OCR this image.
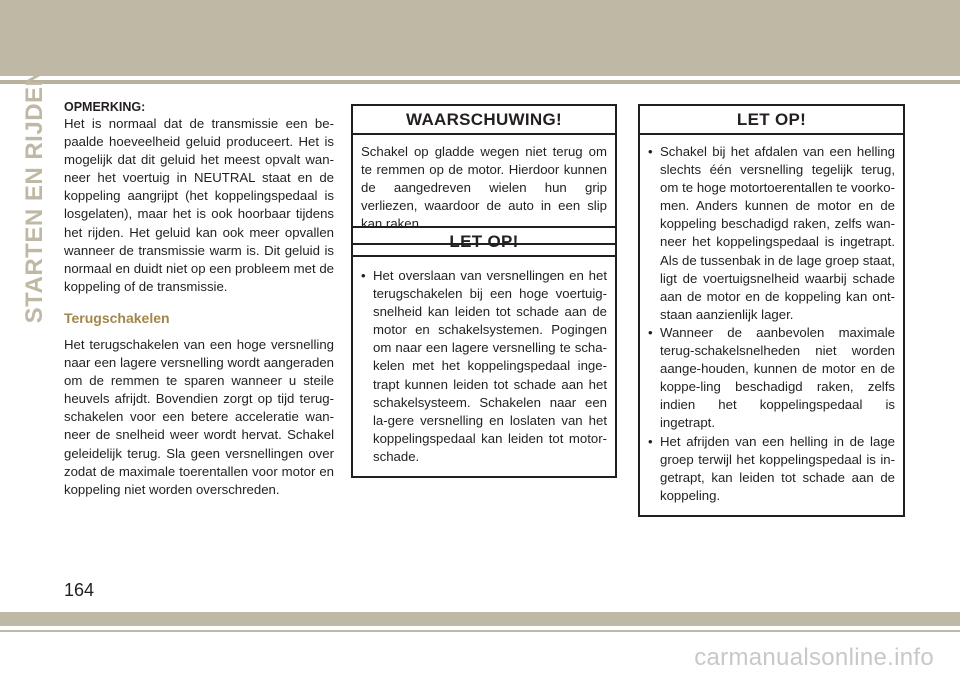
STARTEN EN RIJDEN OPMERKING:
Het is normaal dat de transmissie een be-paalde hoeveelheid geluid produceert. Het is mogelijk dat dit geluid het meest opvalt wan-neer het voertuig in NEUTRAL staat en de koppeling aangrijpt (het koppelingspedaal is losgelaten), maar het is ook hoorbaar tijdens het rijden. Het geluid kan ook meer opvallen wanneer de transmissie warm is. Dit geluid is normaal en duidt niet op een probleem met de koppeling of de transmissie.
Terugschakelen
Het terugschakelen van een hoge versnelling naar een lagere versnelling wordt aangeraden om de remmen te sparen wanneer u steile heuvels afrijdt. Bovendien zorgt op tijd terug-schakelen voor een betere acceleratie wan-neer de snelheid weer wordt hervat. Schakel geleidelijk terug. Sla geen versnellingen over zodat de maximale toerentallen voor motor en koppeling niet worden overschreden.
WAARSCHUWING!
Schakel op gladde wegen niet terug om te remmen op de motor. Hierdoor kunnen de aangedreven wielen hun grip verliezen, waardoor de auto in een slip kan raken.
LET OP!
• Het overslaan van versnellingen en het terugschakelen bij een hoge voertuig-snelheid kan leiden tot schade aan de motor en schakelsystemen. Pogingen om naar een lagere versnelling te scha-kelen met het koppelingspedaal inge-trapt kunnen leiden tot schade aan het schakelsysteem. Schakelen naar een la-gere versnelling en loslaten van het koppelingspedaal kan leiden tot motor-schade.
LET OP!
• Schakel bij het afdalen van een helling slechts één versnelling tegelijk terug, om te hoge motortoerentallen te voorko-men. Anders kunnen de motor en de koppeling beschadigd raken, zelfs wan-neer het koppelingspedaal is ingetrapt. Als de tussenbak in de lage groep staat, ligt de voertuigsnelheid waarbij schade aan de motor en de koppeling kan ont-staan aanzienlijk lager.
• Wanneer de aanbevolen maximale terug-schakelsnelheden niet worden aange-houden, kunnen de motor en de koppe-ling beschadigd raken, zelfs indien het koppelingspedaal is ingetrapt.
• Het afrijden van een helling in de lage groep terwijl het koppelingspedaal is in-getrapt, kan leiden tot schade aan de koppeling.
164
carmanualsonline.info
